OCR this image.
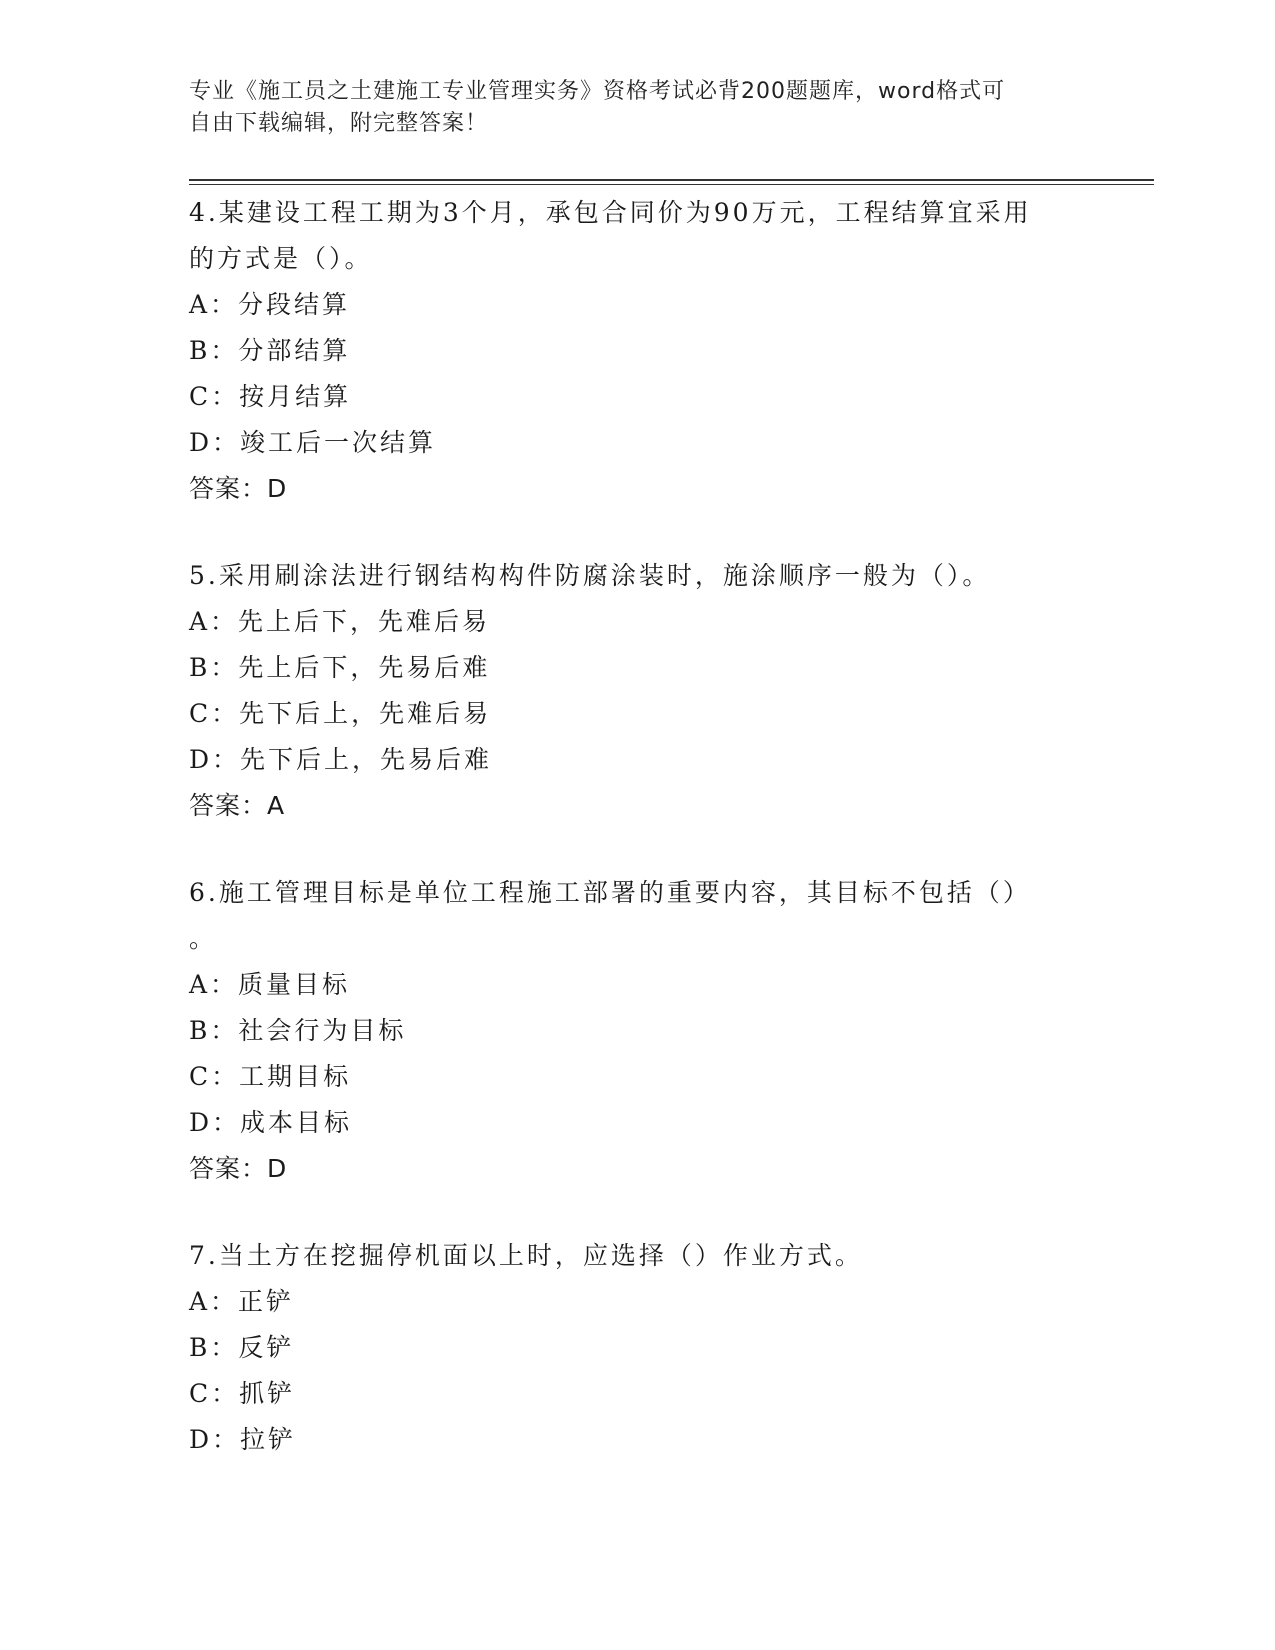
专业《施工员之土建施工专业管理实务》资格考试必背200题题库，word格式可
自由下载编辑，附完整答案！
4.某建设工程工期为3个月，承包合同价为90万元，工程结算宜采用
的方式是（）。
A：分段结算
B：分部结算
C：按月结算
D：竣工后一次结算
答案：D
5.采用刷涂法进行钢结构构件防腐涂装时，施涂顺序一般为（）。
A：先上后下，先难后易
B：先上后下，先易后难
C：先下后上，先难后易
D：先下后上，先易后难
答案：A
6.施工管理目标是单位工程施工部署的重要内容，其目标不包括（）
。
A：质量目标
B：社会行为目标
C：工期目标
D：成本目标
答案：D
7.当土方在挖掘停机面以上时，应选择（）作业方式。
A：正铲
B：反铲
C：抓铲
D：拉铲
